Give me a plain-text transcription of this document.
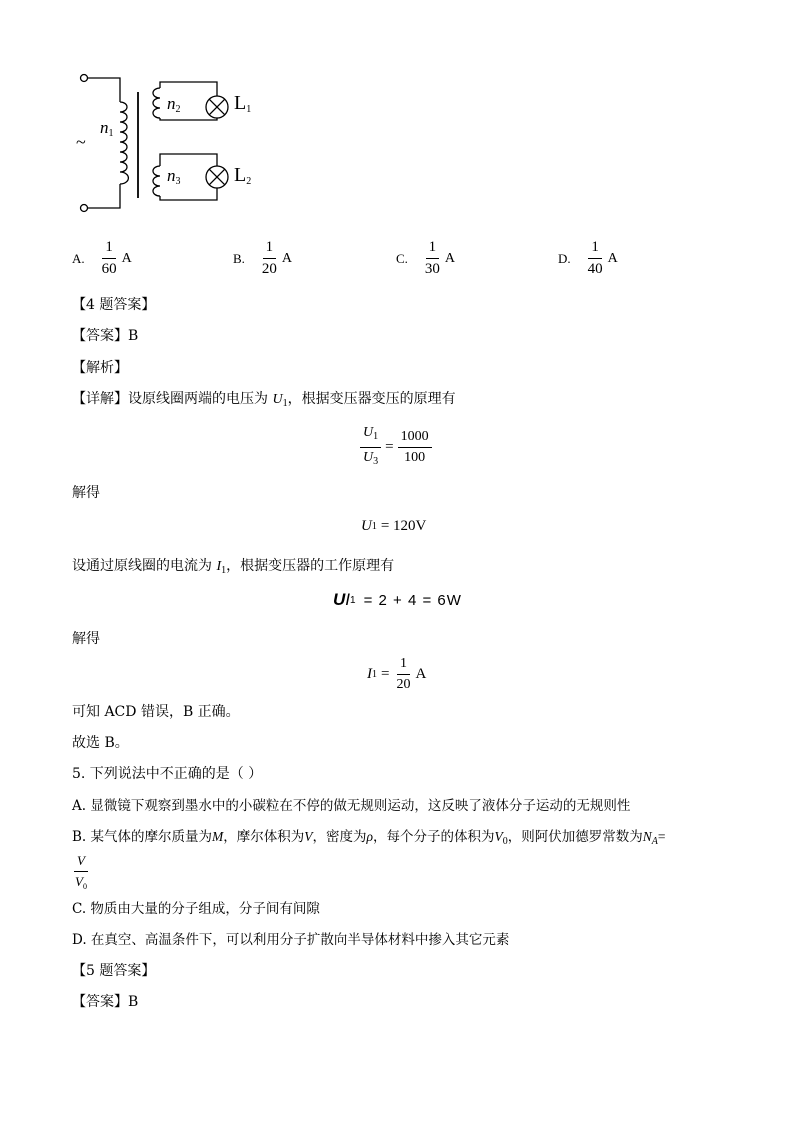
~
$n_1$
$n_2$
$n_3$
$L_1$
$L_2$
A. $\frac{1}{60}$ A	B. $\frac{1}{20}$ A	C. $\frac{1}{30}$ A	D. $\frac{1}{40}$ A
【4 题答案】
【答案】B
【解析】
【详解】设原线圈两端的电压为 $U_1$，根据变压器变压的原理有
$\frac{U_1}{U_3} = \frac{1000}{100}$
解得
U 1 = 120V
设通过原线圈的电流为 $I_1$，根据变压器的工作原理有
U I 1 = 2 + 4 = 6W
解得
I $1 = \frac{1}{20}$ A
可知 ACD 错误，B 正确。
故选 B。
5. 下列说法中不正确的是（ ）
A. 显微镜下观察到墨水中的小碳粒在不停的做无规则运动，这反映了液体分子运动的无规则性
B. 某气体的摩尔质量为M，摩尔体积为V，密度为ρ，每个分子的体积为$V_0$，则阿伏加德罗常数为$N_A=$
$\frac{V}{V_0}$
C. 物质由大量的分子组成，分子间有间隙
D. 在真空、高温条件下，可以利用分子扩散向半导体材料中掺入其它元素
【5 题答案】
【答案】B
